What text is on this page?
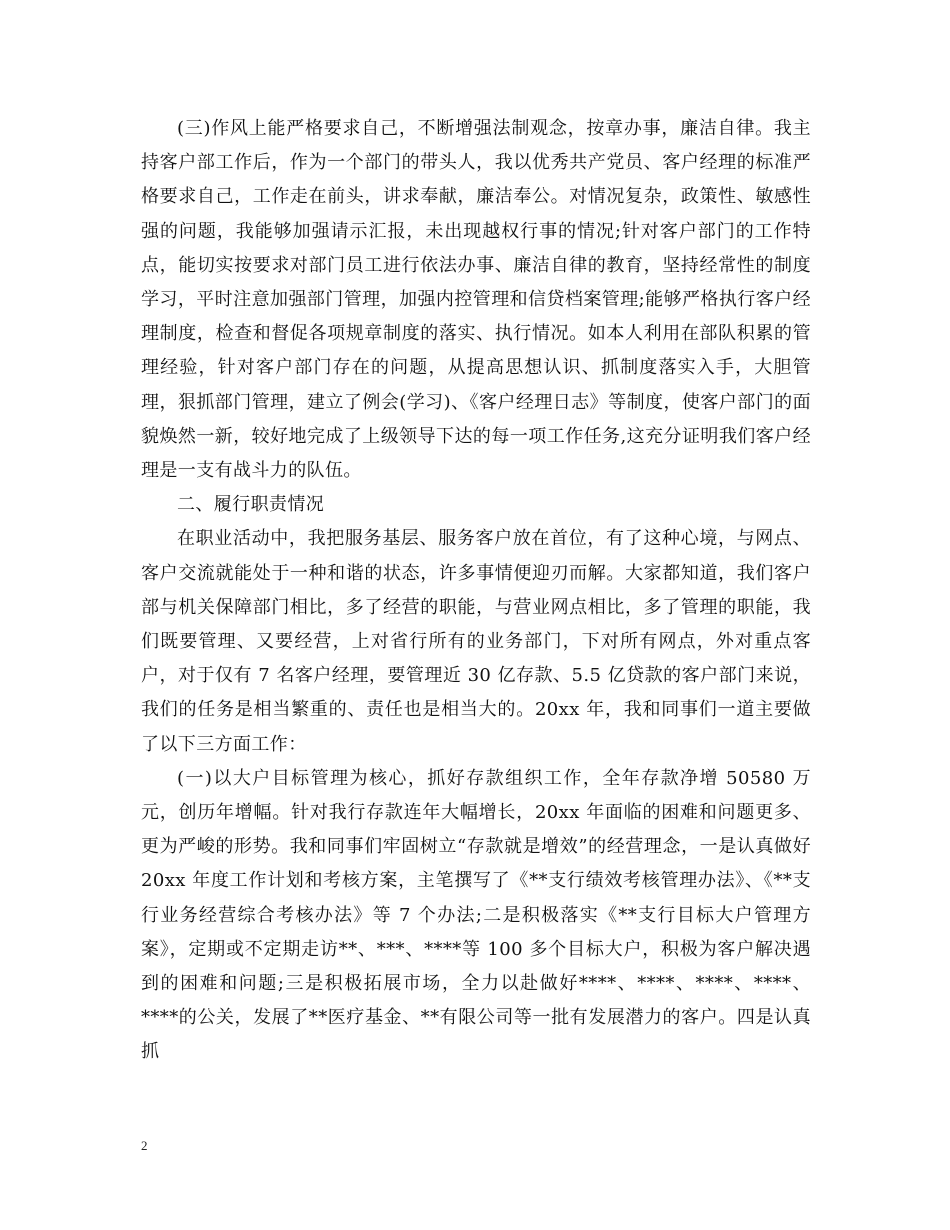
(三)作风上能严格要求自己，不断增强法制观念，按章办事，廉洁自律。我主持客户部工作后，作为一个部门的带头人，我以优秀共产党员、客户经理的标准严格要求自己，工作走在前头，讲求奉献，廉洁奉公。对情况复杂，政策性、敏感性强的问题，我能够加强请示汇报，未出现越权行事的情况;针对客户部门的工作特点，能切实按要求对部门员工进行依法办事、廉洁自律的教育，坚持经常性的制度学习，平时注意加强部门管理，加强内控管理和信贷档案管理;能够严格执行客户经理制度，检查和督促各项规章制度的落实、执行情况。如本人利用在部队积累的管理经验，针对客户部门存在的问题，从提高思想认识、抓制度落实入手，大胆管理，狠抓部门管理，建立了例会(学习)、《客户经理日志》等制度，使客户部门的面貌焕然一新，较好地完成了上级领导下达的每一项工作任务,这充分证明我们客户经理是一支有战斗力的队伍。

二、履行职责情况

在职业活动中，我把服务基层、服务客户放在首位，有了这种心境，与网点、客户交流就能处于一种和谐的状态，许多事情便迎刃而解。大家都知道，我们客户部与机关保障部门相比，多了经营的职能，与营业网点相比，多了管理的职能，我们既要管理、又要经营，上对省行所有的业务部门，下对所有网点，外对重点客户，对于仅有 7 名客户经理，要管理近 30 亿存款、5.5 亿贷款的客户部门来说，我们的任务是相当繁重的、责任也是相当大的。20xx 年，我和同事们一道主要做了以下三方面工作：

(一)以大户目标管理为核心，抓好存款组织工作，全年存款净增 50580 万元，创历年增幅。针对我行存款连年大幅增长，20xx 年面临的困难和问题更多、更为严峻的形势。我和同事们牢固树立“存款就是增效”的经营理念，一是认真做好 20xx 年度工作计划和考核方案，主笔撰写了《**支行绩效考核管理办法》、《**支行业务经营综合考核办法》等 7 个办法;二是积极落实《**支行目标大户管理方案》，定期或不定期走访**、***、****等 100 多个目标大户，积极为客户解决遇到的困难和问题;三是积极拓展市场，全力以赴做好****、****、****、****、****的公关，发展了**医疗基金、**有限公司等一批有发展潜力的客户。四是认真抓

2
